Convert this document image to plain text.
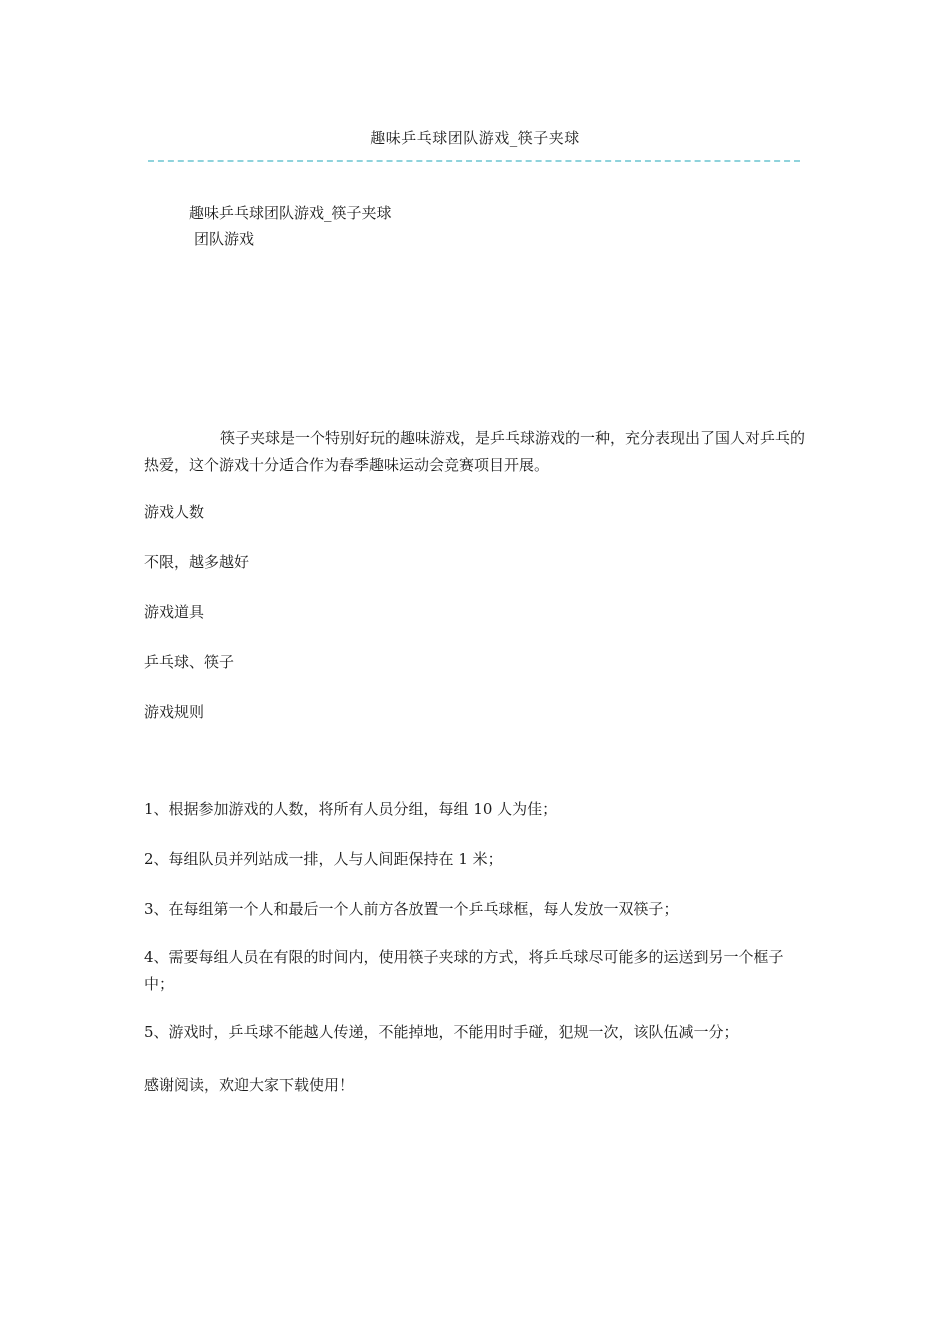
趣味乒乓球团队游戏_筷子夹球
趣味乒乓球团队游戏_筷子夹球
团队游戏
筷子夹球是一个特别好玩的趣味游戏，是乒乓球游戏的一种，充分表现出了国人对乒乓的热爱，这个游戏十分适合作为春季趣味运动会竞赛项目开展。
游戏人数
不限，越多越好
游戏道具
乒乓球、筷子
游戏规则
1、根据参加游戏的人数，将所有人员分组，每组 10 人为佳；
2、每组队员并列站成一排，人与人间距保持在 1 米；
3、在每组第一个人和最后一个人前方各放置一个乒乓球框，每人发放一双筷子；
4、需要每组人员在有限的时间内，使用筷子夹球的方式，将乒乓球尽可能多的运送到另一个框子中；
5、游戏时，乒乓球不能越人传递，不能掉地，不能用时手碰，犯规一次，该队伍减一分；
感谢阅读，欢迎大家下载使用！
